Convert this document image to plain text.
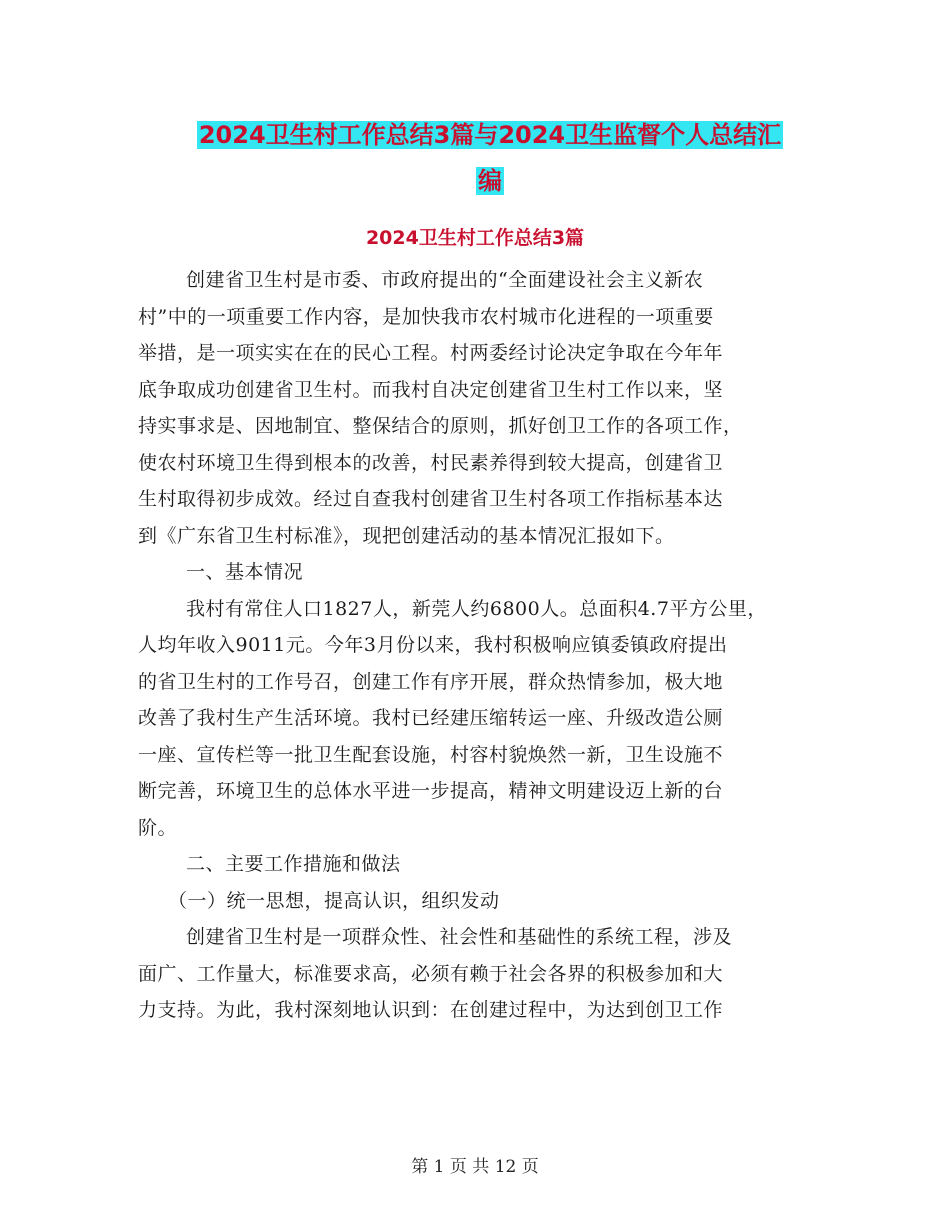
2024卫生村工作总结3篇与2024卫生监督个人总结汇
编
2024卫生村工作总结3篇
创建省卫生村是市委、市政府提出的“全面建设社会主义新农
村”中的一项重要工作内容，是加快我市农村城市化进程的一项重要
举措，是一项实实在在的民心工程。村两委经讨论决定争取在今年年
底争取成功创建省卫生村。而我村自决定创建省卫生村工作以来，坚
持实事求是、因地制宜、整保结合的原则，抓好创卫工作的各项工作，
使农村环境卫生得到根本的改善，村民素养得到较大提高，创建省卫
生村取得初步成效。经过自查我村创建省卫生村各项工作指标基本达
到《广东省卫生村标准》，现把创建活动的基本情况汇报如下。
一、基本情况
我村有常住人口1827人，新莞人约6800人。总面积4.7平方公里，
人均年收入9011元。今年3月份以来，我村积极响应镇委镇政府提出
的省卫生村的工作号召，创建工作有序开展，群众热情参加，极大地
改善了我村生产生活环境。我村已经建压缩转运一座、升级改造公厕
一座、宣传栏等一批卫生配套设施，村容村貌焕然一新，卫生设施不
断完善，环境卫生的总体水平进一步提高，精神文明建设迈上新的台
阶。
二、主要工作措施和做法
（一）统一思想，提高认识，组织发动
创建省卫生村是一项群众性、社会性和基础性的系统工程，涉及
面广、工作量大，标准要求高，必须有赖于社会各界的积极参加和大
力支持。为此，我村深刻地认识到：在创建过程中，为达到创卫工作
第 1 页 共 12 页
